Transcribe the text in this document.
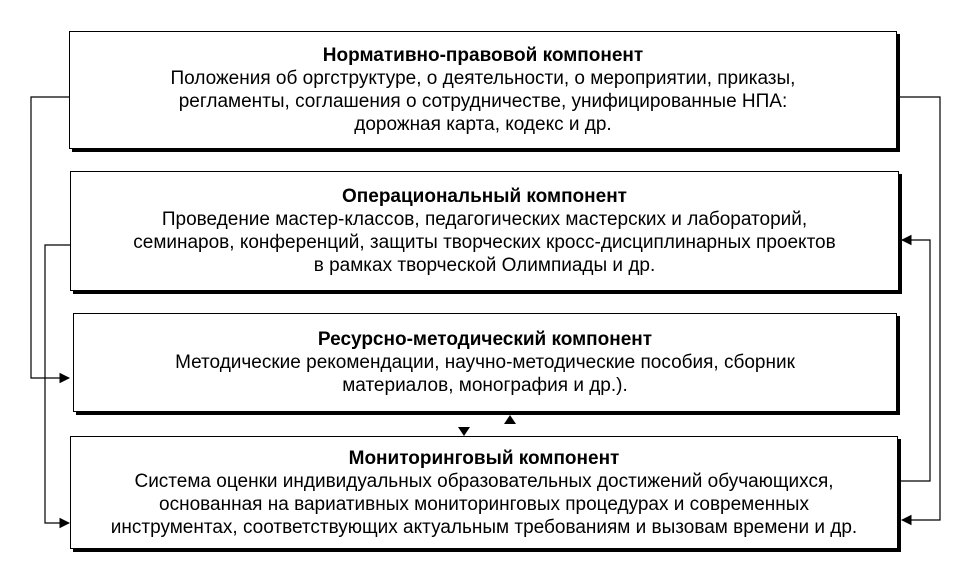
Нормативно-правовой компонент
Положения об оргструктуре, о деятельности, о мероприятии, приказы,
регламенты, соглашения о сотрудничестве, унифицированные НПА:
дорожная карта, кодекс и др.
Операциональный компонент
Проведение мастер-классов, педагогических мастерских и лабораторий,
семинаров, конференций, защиты творческих кросс-дисциплинарных проектов
в рамках творческой Олимпиады и др.
Ресурсно-методический компонент
Методические рекомендации, научно-методические пособия, сборник
материалов, монография и др.).
Мониторинговый компонент
Система оценки индивидуальных образовательных достижений обучающихся,
основанная на вариативных мониторинговых процедурах и современных
инструментах, соответствующих актуальным требованиям и вызовам времени и др.
